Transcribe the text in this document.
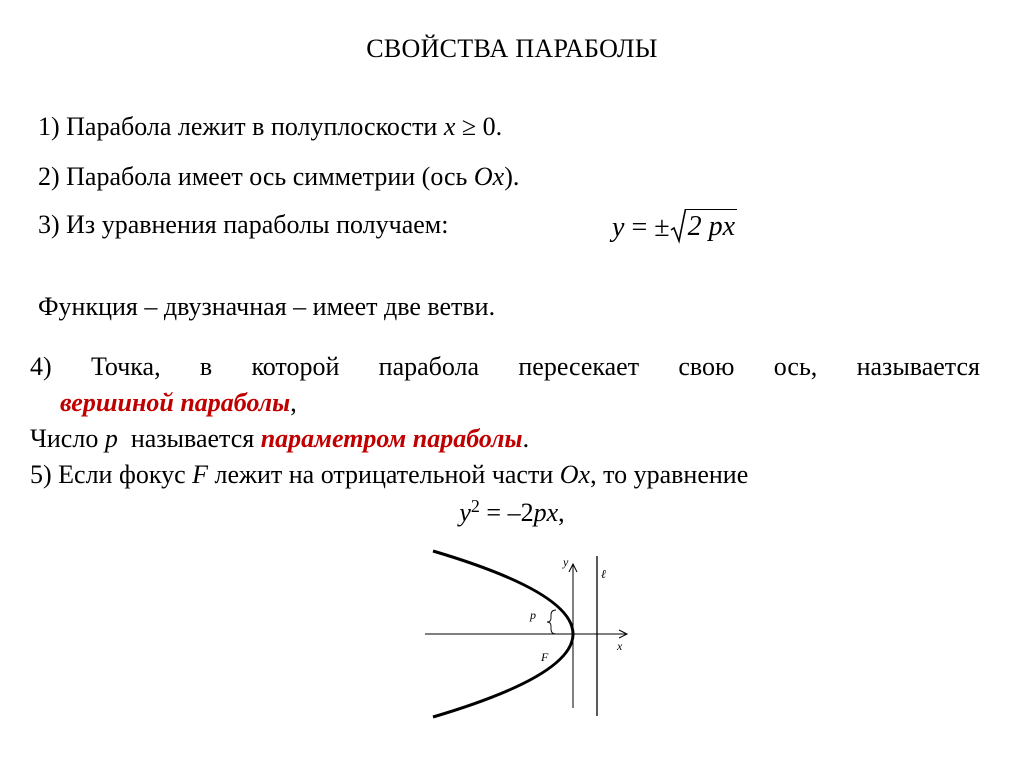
СВОЙСТВА ПАРАБОЛЫ
1) Парабола лежит в полуплоскости x ≥ 0.
2) Парабола имеет ось симметрии (ось Ox).
3) Из уравнения параболы получаем:	y = ± 2 px
Функция – двузначная – имеет две ветви.
4) Точка, в которой парабола пересекает свою ось, называется
вершиной параболы,
Число p  называется параметром параболы.
5) Если фокус F лежит на отрицательной части Ox, то уравнение
$y^2 = -2px$,
y
ℓ
p
F
x
